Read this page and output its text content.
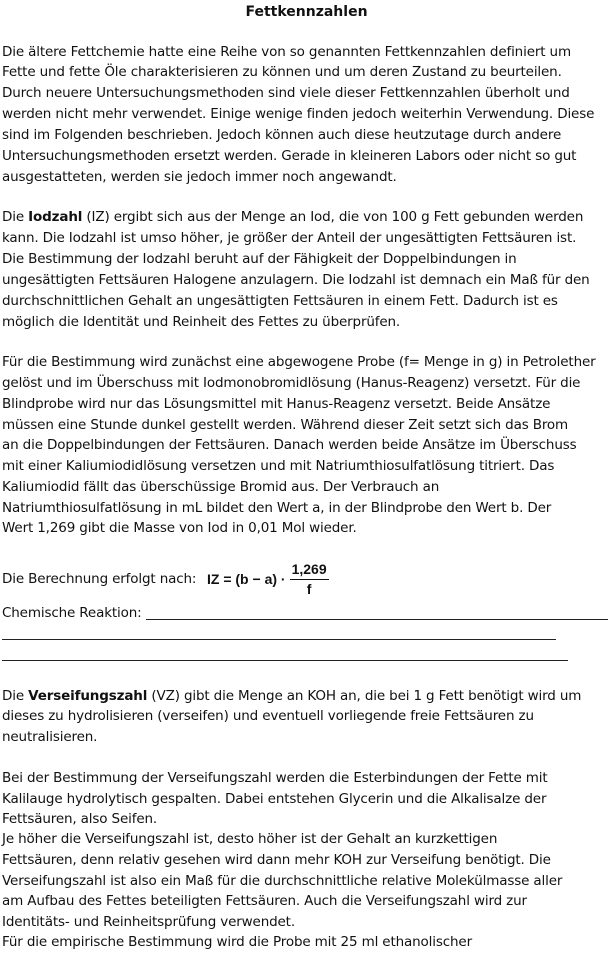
Fettkennzahlen
Die ältere Fettchemie hatte eine Reihe von so genannten Fettkennzahlen definiert um
Fette und fette Öle charakterisieren zu können und um deren Zustand zu beurteilen.
Durch neuere Untersuchungsmethoden sind viele dieser Fettkennzahlen überholt und
werden nicht mehr verwendet. Einige wenige finden jedoch weiterhin Verwendung. Diese
sind im Folgenden beschrieben. Jedoch können auch diese heutzutage durch andere
Untersuchungsmethoden ersetzt werden. Gerade in kleineren Labors oder nicht so gut
ausgestatteten, werden sie jedoch immer noch angewandt.
Die Iodzahl (IZ) ergibt sich aus der Menge an Iod, die von 100 g Fett gebunden werden
kann. Die Iodzahl ist umso höher, je größer der Anteil der ungesättigten Fettsäuren ist.
Die Bestimmung der Iodzahl beruht auf der Fähigkeit der Doppelbindungen in
ungesättigten Fettsäuren Halogene anzulagern. Die Iodzahl ist demnach ein Maß für den
durchschnittlichen Gehalt an ungesättigten Fettsäuren in einem Fett. Dadurch ist es
möglich die Identität und Reinheit des Fettes zu überprüfen.
Für die Bestimmung wird zunächst eine abgewogene Probe (f= Menge in g) in Petrolether
gelöst und im Überschuss mit Iodmonobromidlösung (Hanus-Reagenz) versetzt. Für die
Blindprobe wird nur das Lösungsmittel mit Hanus-Reagenz versetzt. Beide Ansätze
müssen eine Stunde dunkel gestellt werden. Während dieser Zeit setzt sich das Brom
an die Doppelbindungen der Fettsäuren. Danach werden beide Ansätze im Überschuss
mit einer Kaliumiodidlösung versetzen und mit Natriumthiosulfatlösung titriert. Das
Kaliumiodid fällt das überschüssige Bromid aus. Der Verbrauch an
Natriumthiosulfatlösung in mL bildet den Wert a, in der Blindprobe den Wert b. Der
Wert 1,269 gibt die Masse von Iod in 0,01 Mol wieder.
Die Berechnung erfolgt nach: IZ = $(b - a) \cdot \frac{1,269}{f}$
Chemische Reaktion:
Die Verseifungszahl (VZ) gibt die Menge an KOH an, die bei 1 g Fett benötigt wird um
dieses zu hydrolisieren (verseifen) und eventuell vorliegende freie Fettsäuren zu
neutralisieren.
Bei der Bestimmung der Verseifungszahl werden die Esterbindungen der Fette mit
Kalilauge hydrolytisch gespalten. Dabei entstehen Glycerin und die Alkalisalze der
Fettsäuren, also Seifen.
Je höher die Verseifungszahl ist, desto höher ist der Gehalt an kurzkettigen
Fettsäuren, denn relativ gesehen wird dann mehr KOH zur Verseifung benötigt. Die
Verseifungszahl ist also ein Maß für die durchschnittliche relative Molekülmasse aller
am Aufbau des Fettes beteiligten Fettsäuren. Auch die Verseifungszahl wird zur
Identitäts- und Reinheitsprüfung verwendet.
Für die empirische Bestimmung wird die Probe mit 25 ml ethanolischer
